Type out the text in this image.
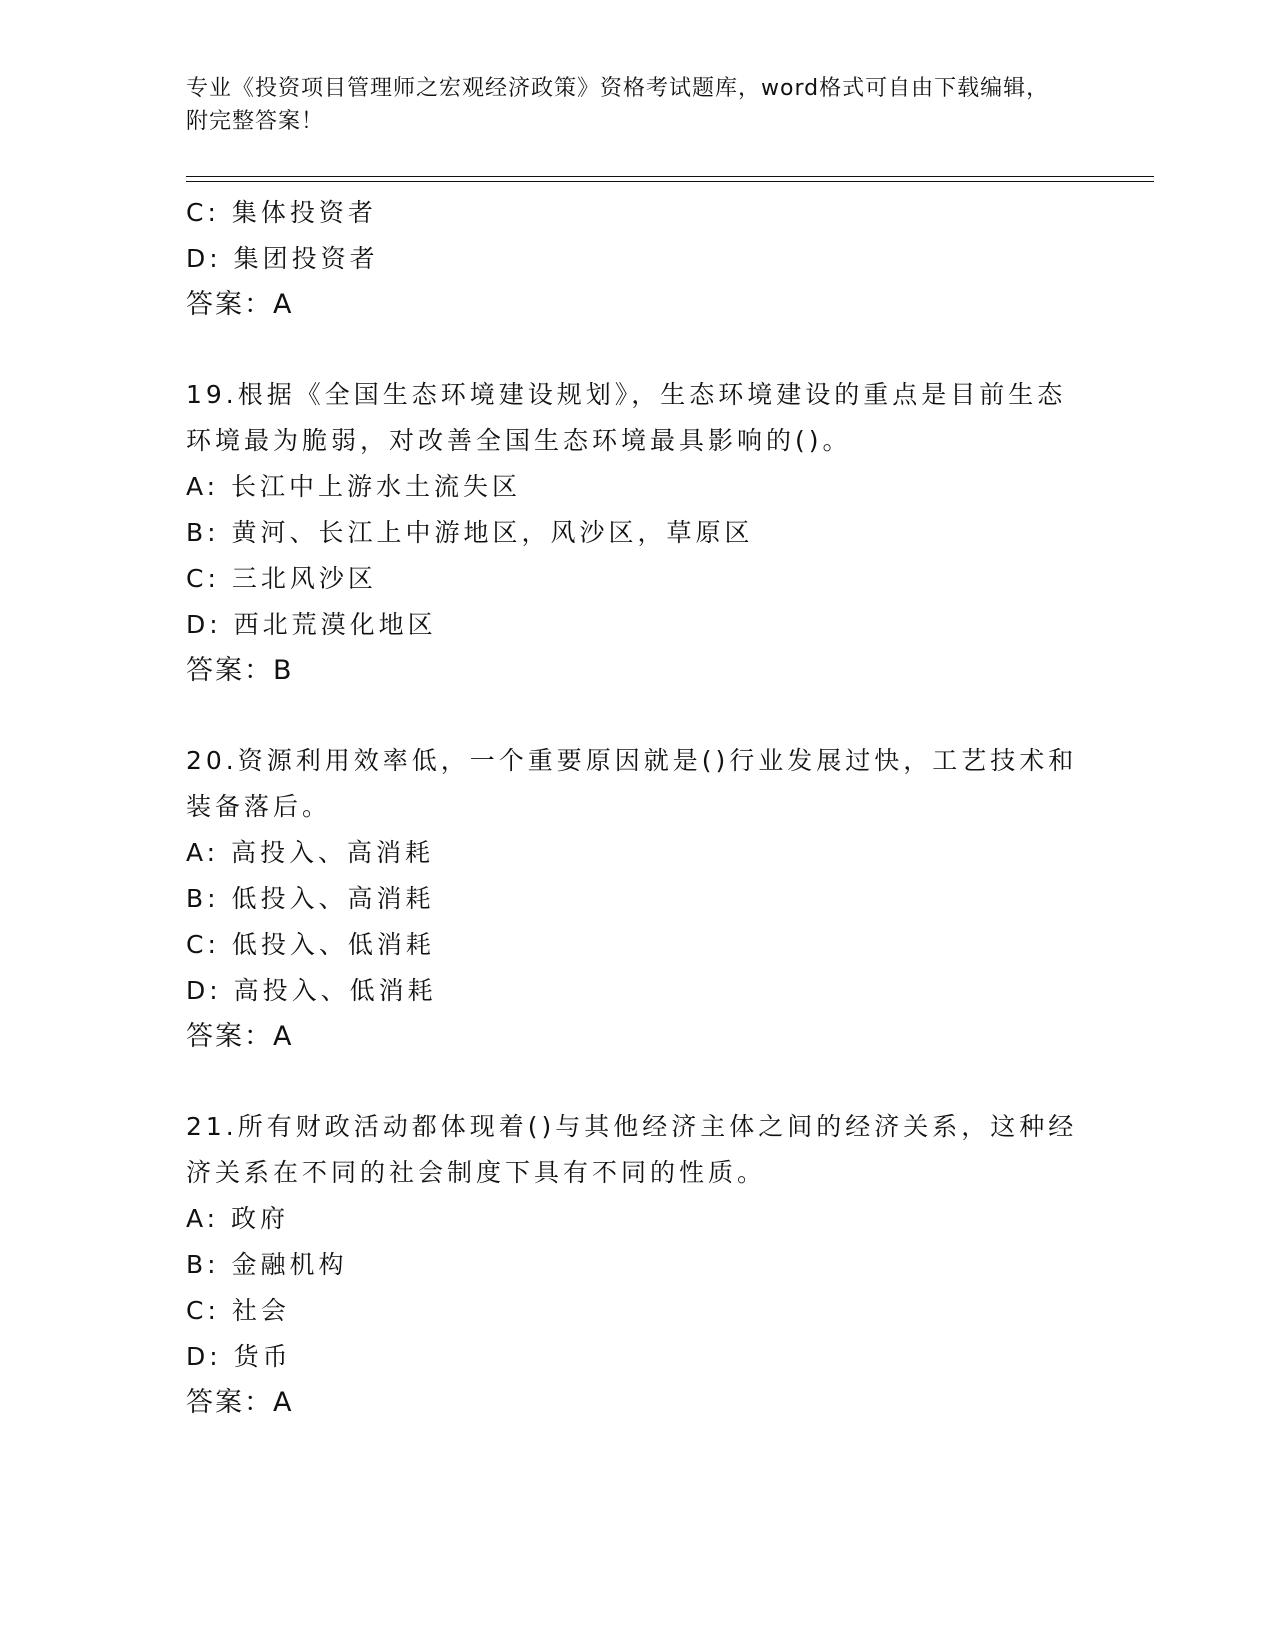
专业《投资项目管理师之宏观经济政策》资格考试题库，word格式可自由下载编辑，附完整答案！
C: 集体投资者
D: 集团投资者
答案：A
19.根据《全国生态环境建设规划》，生态环境建设的重点是目前生态环境最为脆弱，对改善全国生态环境最具影响的()。
A: 长江中上游水土流失区
B: 黄河、长江上中游地区，风沙区，草原区
C: 三北风沙区
D: 西北荒漠化地区
答案：B
20.资源利用效率低，一个重要原因就是()行业发展过快，工艺技术和装备落后。
A: 高投入、高消耗
B: 低投入、高消耗
C: 低投入、低消耗
D: 高投入、低消耗
答案：A
21.所有财政活动都体现着()与其他经济主体之间的经济关系，这种经济关系在不同的社会制度下具有不同的性质。
A: 政府
B: 金融机构
C: 社会
D: 货币
答案：A
